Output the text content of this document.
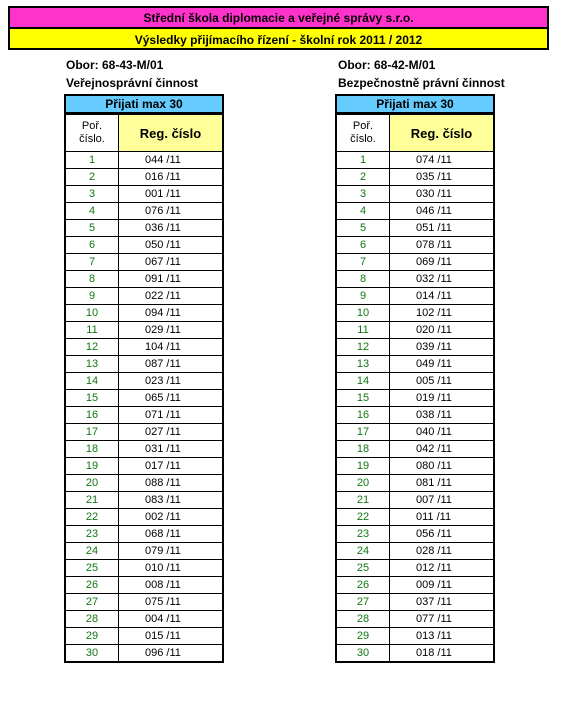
Střední škola diplomacie a veřejné správy s.r.o.
Výsledky přijímacího řízení - školní rok 2011 / 2012
Obor: 68-43-M/01
Veřejnosprávní činnost
Obor: 68-42-M/01
Bezpečnostně právní činnost
Přijati max 30
Poř.
číslo.	Reg. číslo
1	044 /11
2	016 /11
3	001 /11
4	076 /11
5	036 /11
6	050 /11
7	067 /11
8	091 /11
9	022 /11
10	094 /11
11	029 /11
12	104 /11
13	087 /11
14	023 /11
15	065 /11
16	071 /11
17	027 /11
18	031 /11
19	017 /11
20	088 /11
21	083 /11
22	002 /11
23	068 /11
24	079 /11
25	010 /11
26	008 /11
27	075 /11
28	004 /11
29	015 /11
30	096 /11
Přijati max 30
Poř.
číslo.	Reg. číslo
1	074 /11
2	035 /11
3	030 /11
4	046 /11
5	051 /11
6	078 /11
7	069 /11
8	032 /11
9	014 /11
10	102 /11
11	020 /11
12	039 /11
13	049 /11
14	005 /11
15	019 /11
16	038 /11
17	040 /11
18	042 /11
19	080 /11
20	081 /11
21	007 /11
22	011 /11
23	056 /11
24	028 /11
25	012 /11
26	009 /11
27	037 /11
28	077 /11
29	013 /11
30	018 /11
